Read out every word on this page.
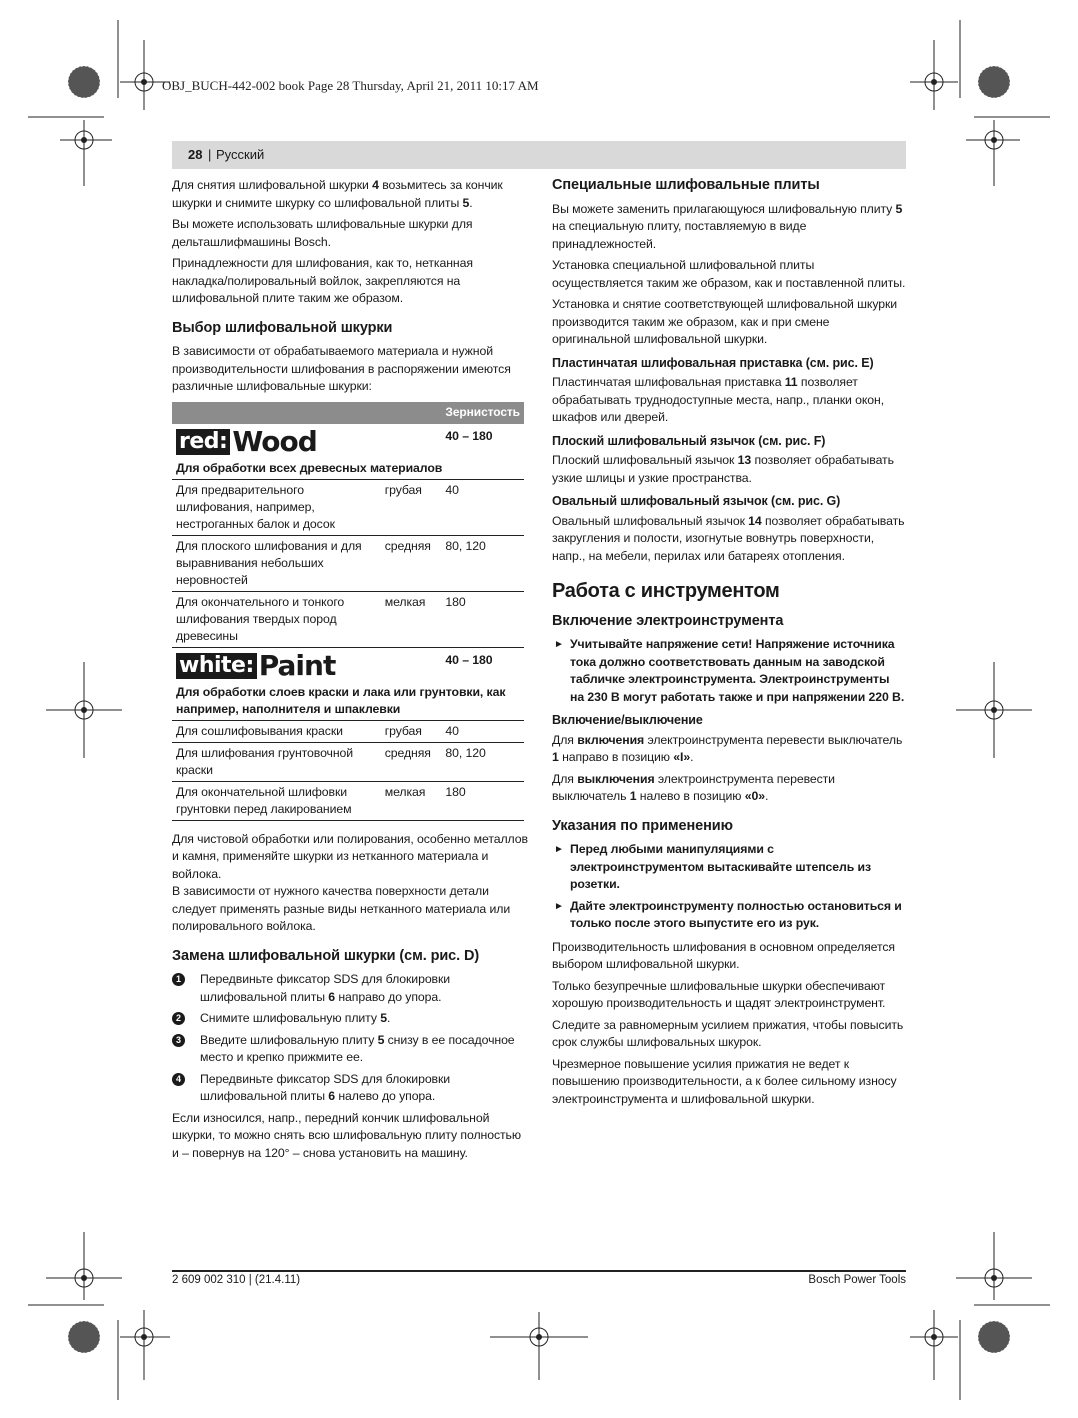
OBJ_BUCH-442-002 book Page 28 Thursday, April 21, 2011 10:17 AM
28 | Русский

Для снятия шлифовальной шкурки 4 возьмитесь за кончик шкурки и снимите шкурку со шлифовальной плиты 5.

Вы можете использовать шлифовальные шкурки для дельташлифмашины Bosch.

Принадлежности для шлифования, как то, нетканная накладка/полировальный войлок, закрепляются на шлифовальной плите таким же образом.

Выбор шлифовальной шкурки

В зависимости от обрабатываемого материала и нужной производительности шлифования в распоряжении имеются различные шлифовальные шкурки:

		Зернистость

red: Wood		40 – 180
Для обработки всех древесных материалов		
Для предварительного шлифования, например, нестроганных балок и досок	грубая	40
Для плоского шлифования и для выравнивания небольших неровностей	средняя	80, 120
Для окончательного и тонкого шлифования твердых пород древесины	мелкая	180

white: Paint		40 – 180
Для обработки слоев краски и лака или грунтовки, как например, наполнителя и шпаклевки		
Для сошлифовывания краски	грубая	40
Для шлифования грунтовочной краски	средняя	80, 120
Для окончательной шлифовки грунтовки перед лакированием	мелкая	180

Для чистовой обработки или полирования, особенно металлов и камня, применяйте шкурки из нетканного материала и войлока.

В зависимости от нужного качества поверхности детали следует применять разные виды нетканного материала или полировального войлока.

Замена шлифовальной шкурки (см. рис. D)
1	Передвиньте фиксатор SDS для блокировки шлифовальной плиты 6 направо до упора.
2	Снимите шлифовальную плиту 5.
3	Введите шлифовальную плиту 5 снизу в ее посадочное место и крепко прижмите ее.
4	Передвиньте фиксатор SDS для блокировки шлифовальной плиты 6 налево до упора.

Если износился, напр., передний кончик шлифовальной шкурки, то можно снять всю шлифовальную плиту полностью и – повернув на 120° – снова установить на машину.

Специальные шлифовальные плиты

Вы можете заменить прилагающуюся шлифовальную плиту 5 на специальную плиту, поставляемую в виде принадлежностей.

Установка специальной шлифовальной плиты осуществляется таким же образом, как и поставленной плиты.

Установка и снятие соответствующей шлифовальной шкурки производится таким же образом, как и при смене оригинальной шлифовальной шкурки.

Пластинчатая шлифовальная приставка (см. рис. E)

Пластинчатая шлифовальная приставка 11 позволяет обрабатывать труднодоступные места, напр., планки окон, шкафов или дверей.

Плоский шлифовальный язычок (см. рис. F)

Плоский шлифовальный язычок 13 позволяет обрабатывать узкие шлицы и узкие пространства.

Овальный шлифовальный язычок (см. рис. G)

Овальный шлифовальный язычок 14 позволяет обрабатывать закругления и полости, изогнутые вовнутрь поверхности, напр., на мебели, перилах или батареях отопления.

Работа с инструментом
Включение электроинструмента
► Учитывайте напряжение сети! Напряжение источника тока должно соответствовать данным на заводской табличке электроинструмента. Электроинструменты на 230 В могут работать также и при напряжении 220 В.
Включение/выключение

Для включения электроинструмента перевести выключатель 1 направо в позицию «I».

Для выключения электроинструмента перевести выключатель 1 налево в позицию «0».

Указания по применению
► Перед любыми манипуляциями с электроинструментом вытаскивайте штепсель из розетки.
► Дайте электроинструменту полностью остановиться и только после этого выпустите его из рук.

Производительность шлифования в основном определяется выбором шлифовальной шкурки.

Только безупречные шлифовальные шкурки обеспечивают хорошую производительность и щадят электроинструмент.

Следите за равномерным усилием прижатия, чтобы повысить срок службы шлифовальных шкурок.

Чрезмерное повышение усилия прижатия не ведет к повышению производительности, а к более сильному износу электроинструмента и шлифовальной шкурки.

2 609 002 310 | (21.4.11)	Bosch Power Tools
